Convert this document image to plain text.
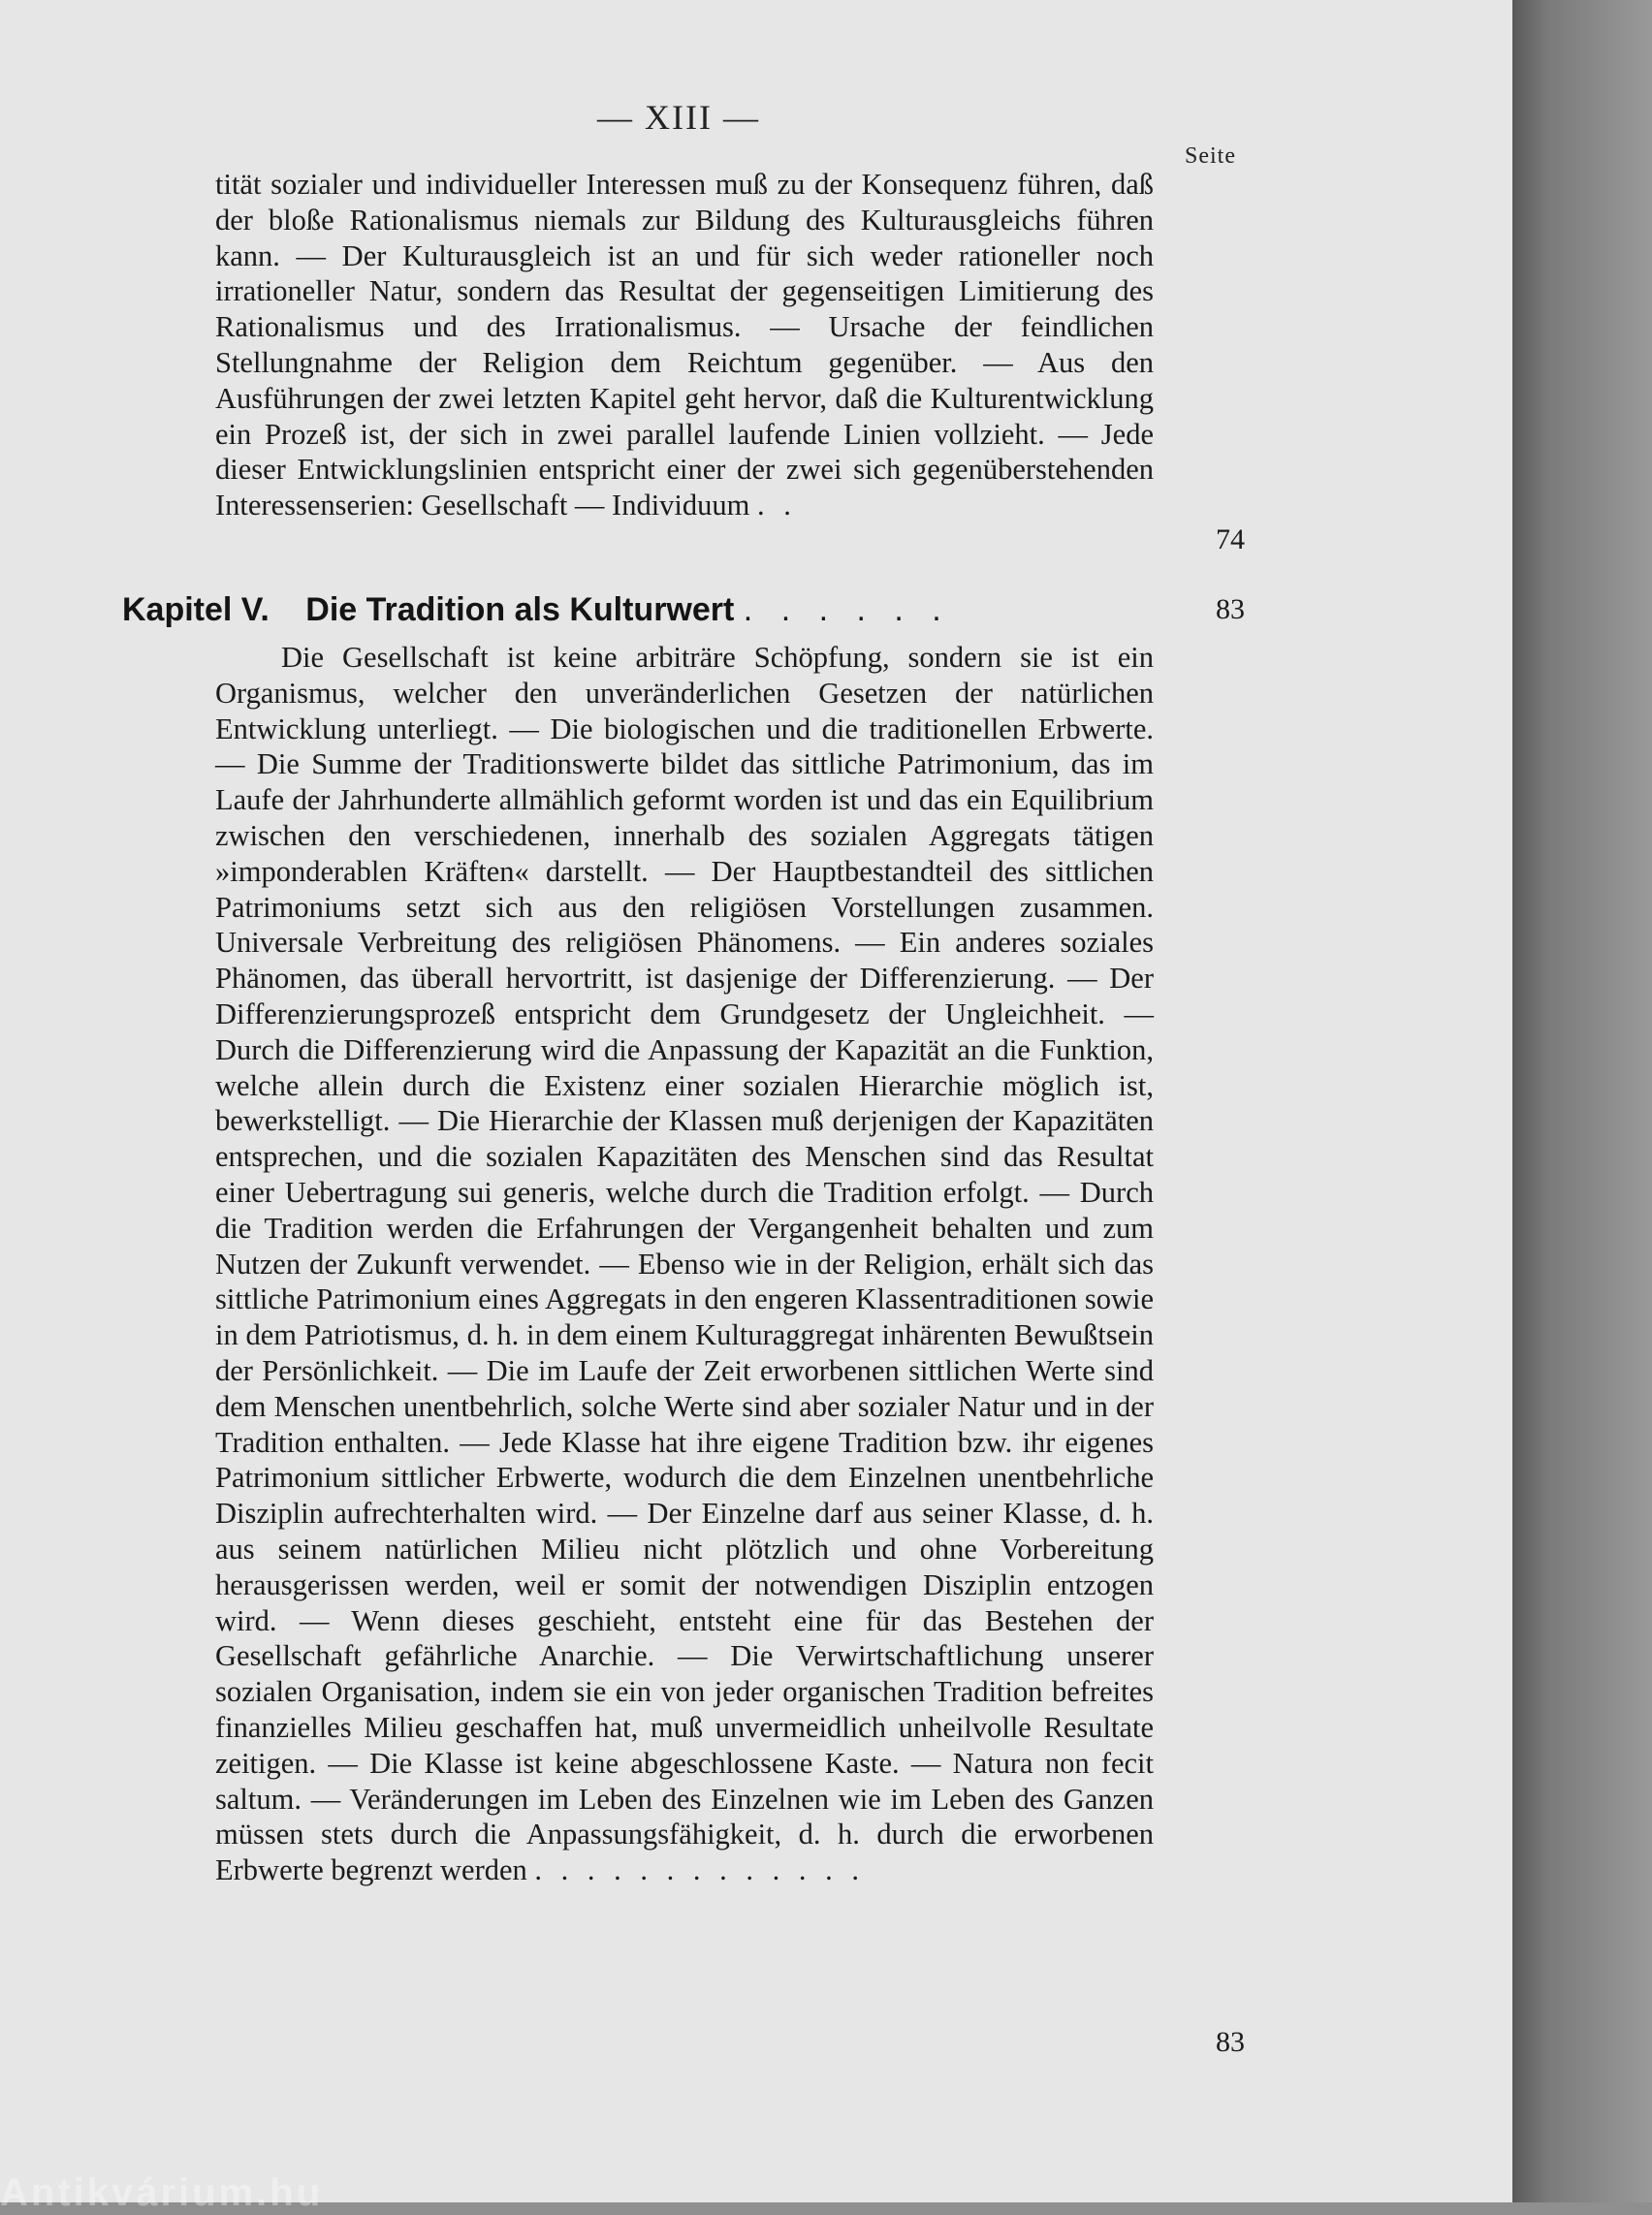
— XIII —
Seite
tität sozialer und individueller Interessen muß zu der Konsequenz führen, daß der bloße Rationalismus niemals zur Bildung des Kulturausgleichs führen kann. — Der Kulturausgleich ist an und für sich weder rationeller noch irrationeller Natur, sondern das Resultat der gegenseitigen Limitierung des Rationalismus und des Irrationalismus. — Ursache der feindlichen Stellungnahme der Religion dem Reichtum gegenüber. — Aus den Ausführungen der zwei letzten Kapitel geht hervor, daß die Kulturentwicklung ein Prozeß ist, der sich in zwei parallel laufende Linien vollzieht. — Jede dieser Entwicklungslinien entspricht einer der zwei sich gegenüberstehenden Interessenserien: Gesellschaft — Individuum . .
74
Kapitel V. Die Tradition als Kulturwert . . . . . .	83
Die Gesellschaft ist keine arbiträre Schöpfung, sondern sie ist ein Organismus, welcher den unveränderlichen Gesetzen der natürlichen Entwicklung unterliegt. — Die biologischen und die traditionellen Erbwerte. — Die Summe der Traditionswerte bildet das sittliche Patrimonium, das im Laufe der Jahrhunderte allmählich geformt worden ist und das ein Equilibrium zwischen den verschiedenen, innerhalb des sozialen Aggregats tätigen »imponderablen Kräften« darstellt. — Der Hauptbestandteil des sittlichen Patrimoniums setzt sich aus den religiösen Vorstellungen zusammen. Universale Verbreitung des religiösen Phänomens. — Ein anderes soziales Phänomen, das überall hervortritt, ist dasjenige der Differenzierung. — Der Differenzierungsprozeß entspricht dem Grundgesetz der Ungleichheit. — Durch die Differenzierung wird die Anpassung der Kapazität an die Funktion, welche allein durch die Existenz einer sozialen Hierarchie möglich ist, bewerkstelligt. — Die Hierarchie der Klassen muß derjenigen der Kapazitäten entsprechen, und die sozialen Kapazitäten des Menschen sind das Resultat einer Uebertragung sui generis, welche durch die Tradition erfolgt. — Durch die Tradition werden die Erfahrungen der Vergangenheit behalten und zum Nutzen der Zukunft verwendet. — Ebenso wie in der Religion, erhält sich das sittliche Patrimonium eines Aggregats in den engeren Klassentraditionen sowie in dem Patriotismus, d. h. in dem einem Kulturaggregat inhärenten Bewußtsein der Persönlichkeit. — Die im Laufe der Zeit erworbenen sittlichen Werte sind dem Menschen unentbehrlich, solche Werte sind aber sozialer Natur und in der Tradition enthalten. — Jede Klasse hat ihre eigene Tradition bzw. ihr eigenes Patrimonium sittlicher Erbwerte, wodurch die dem Einzelnen unentbehrliche Disziplin aufrechterhalten wird. — Der Einzelne darf aus seiner Klasse, d. h. aus seinem natürlichen Milieu nicht plötzlich und ohne Vorbereitung herausgerissen werden, weil er somit der notwendigen Disziplin entzogen wird. — Wenn dieses geschieht, entsteht eine für das Bestehen der Gesellschaft gefährliche Anarchie. — Die Verwirtschaftlichung unserer sozialen Organisation, indem sie ein von jeder organischen Tradition befreites finanzielles Milieu geschaffen hat, muß unvermeidlich unheilvolle Resultate zeitigen. — Die Klasse ist keine abgeschlossene Kaste. — Natura non fecit saltum. — Veränderungen im Leben des Einzelnen wie im Leben des Ganzen müssen stets durch die Anpassungsfähigkeit, d. h. durch die erworbenen Erbwerte begrenzt werden . . . . . . . . . . . . .
83
Antikvárium.hu
